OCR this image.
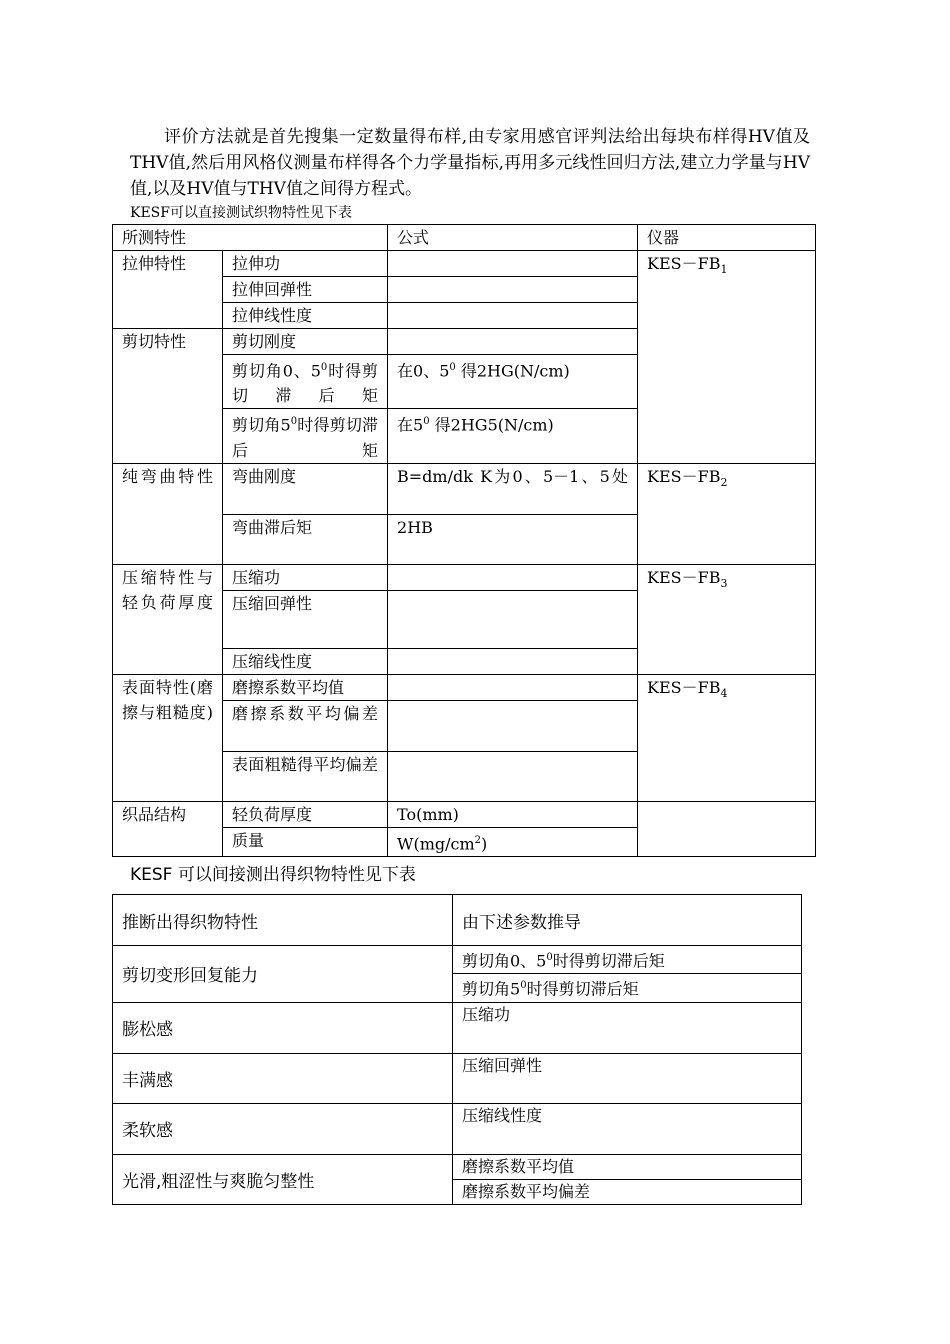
评价方法就是首先搜集一定数量得布样,由专家用感官评判法给出每块布样得HV值及THV值,然后用风格仪测量布样得各个力学量指标,再用多元线性回归方法,建立力学量与HV值,以及HV值与THV值之间得方程式。

KESF可以直接测试织物特性见下表
所测特性		公式	仪器
拉伸特性	拉伸功		$KES-FB_1$
	拉伸回弹性		
	拉伸线性度		
剪切特性	剪切刚度		
	剪切角0、$5^0$时得剪切滞后矩	在0、$5^0$ 得2HG(N/cm)	
	剪切角$5^0$时得剪切滞后矩	在$5^0$ 得2HG5(N/cm)	
纯弯曲特性	弯曲刚度	B=dm/dk K为0、5－1、5处	$KES-FB_2$
	弯曲滞后矩	2HB	
压缩特性与轻负荷厚度	压缩功		$KES-FB_3$
	压缩回弹性		
	压缩线性度		
表面特性(磨擦与粗糙度)	磨擦系数平均值		$KES-FB_4$
	磨擦系数平均偏差		
	表面粗糙得平均偏差		
织品结构	轻负荷厚度	To(mm)	
	质量	$W(mg/cm^2)$	
KESF 可以间接测出得织物特性见下表
推断出得织物特性	由下述参数推导
剪切变形回复能力	剪切角0、$5^0$时得剪切滞后矩
	剪切角$5^0$时得剪切滞后矩
膨松感	压缩功
丰满感	压缩回弹性
柔软感	压缩线性度
光滑,粗涩性与爽脆匀整性	磨擦系数平均值
	磨擦系数平均偏差
